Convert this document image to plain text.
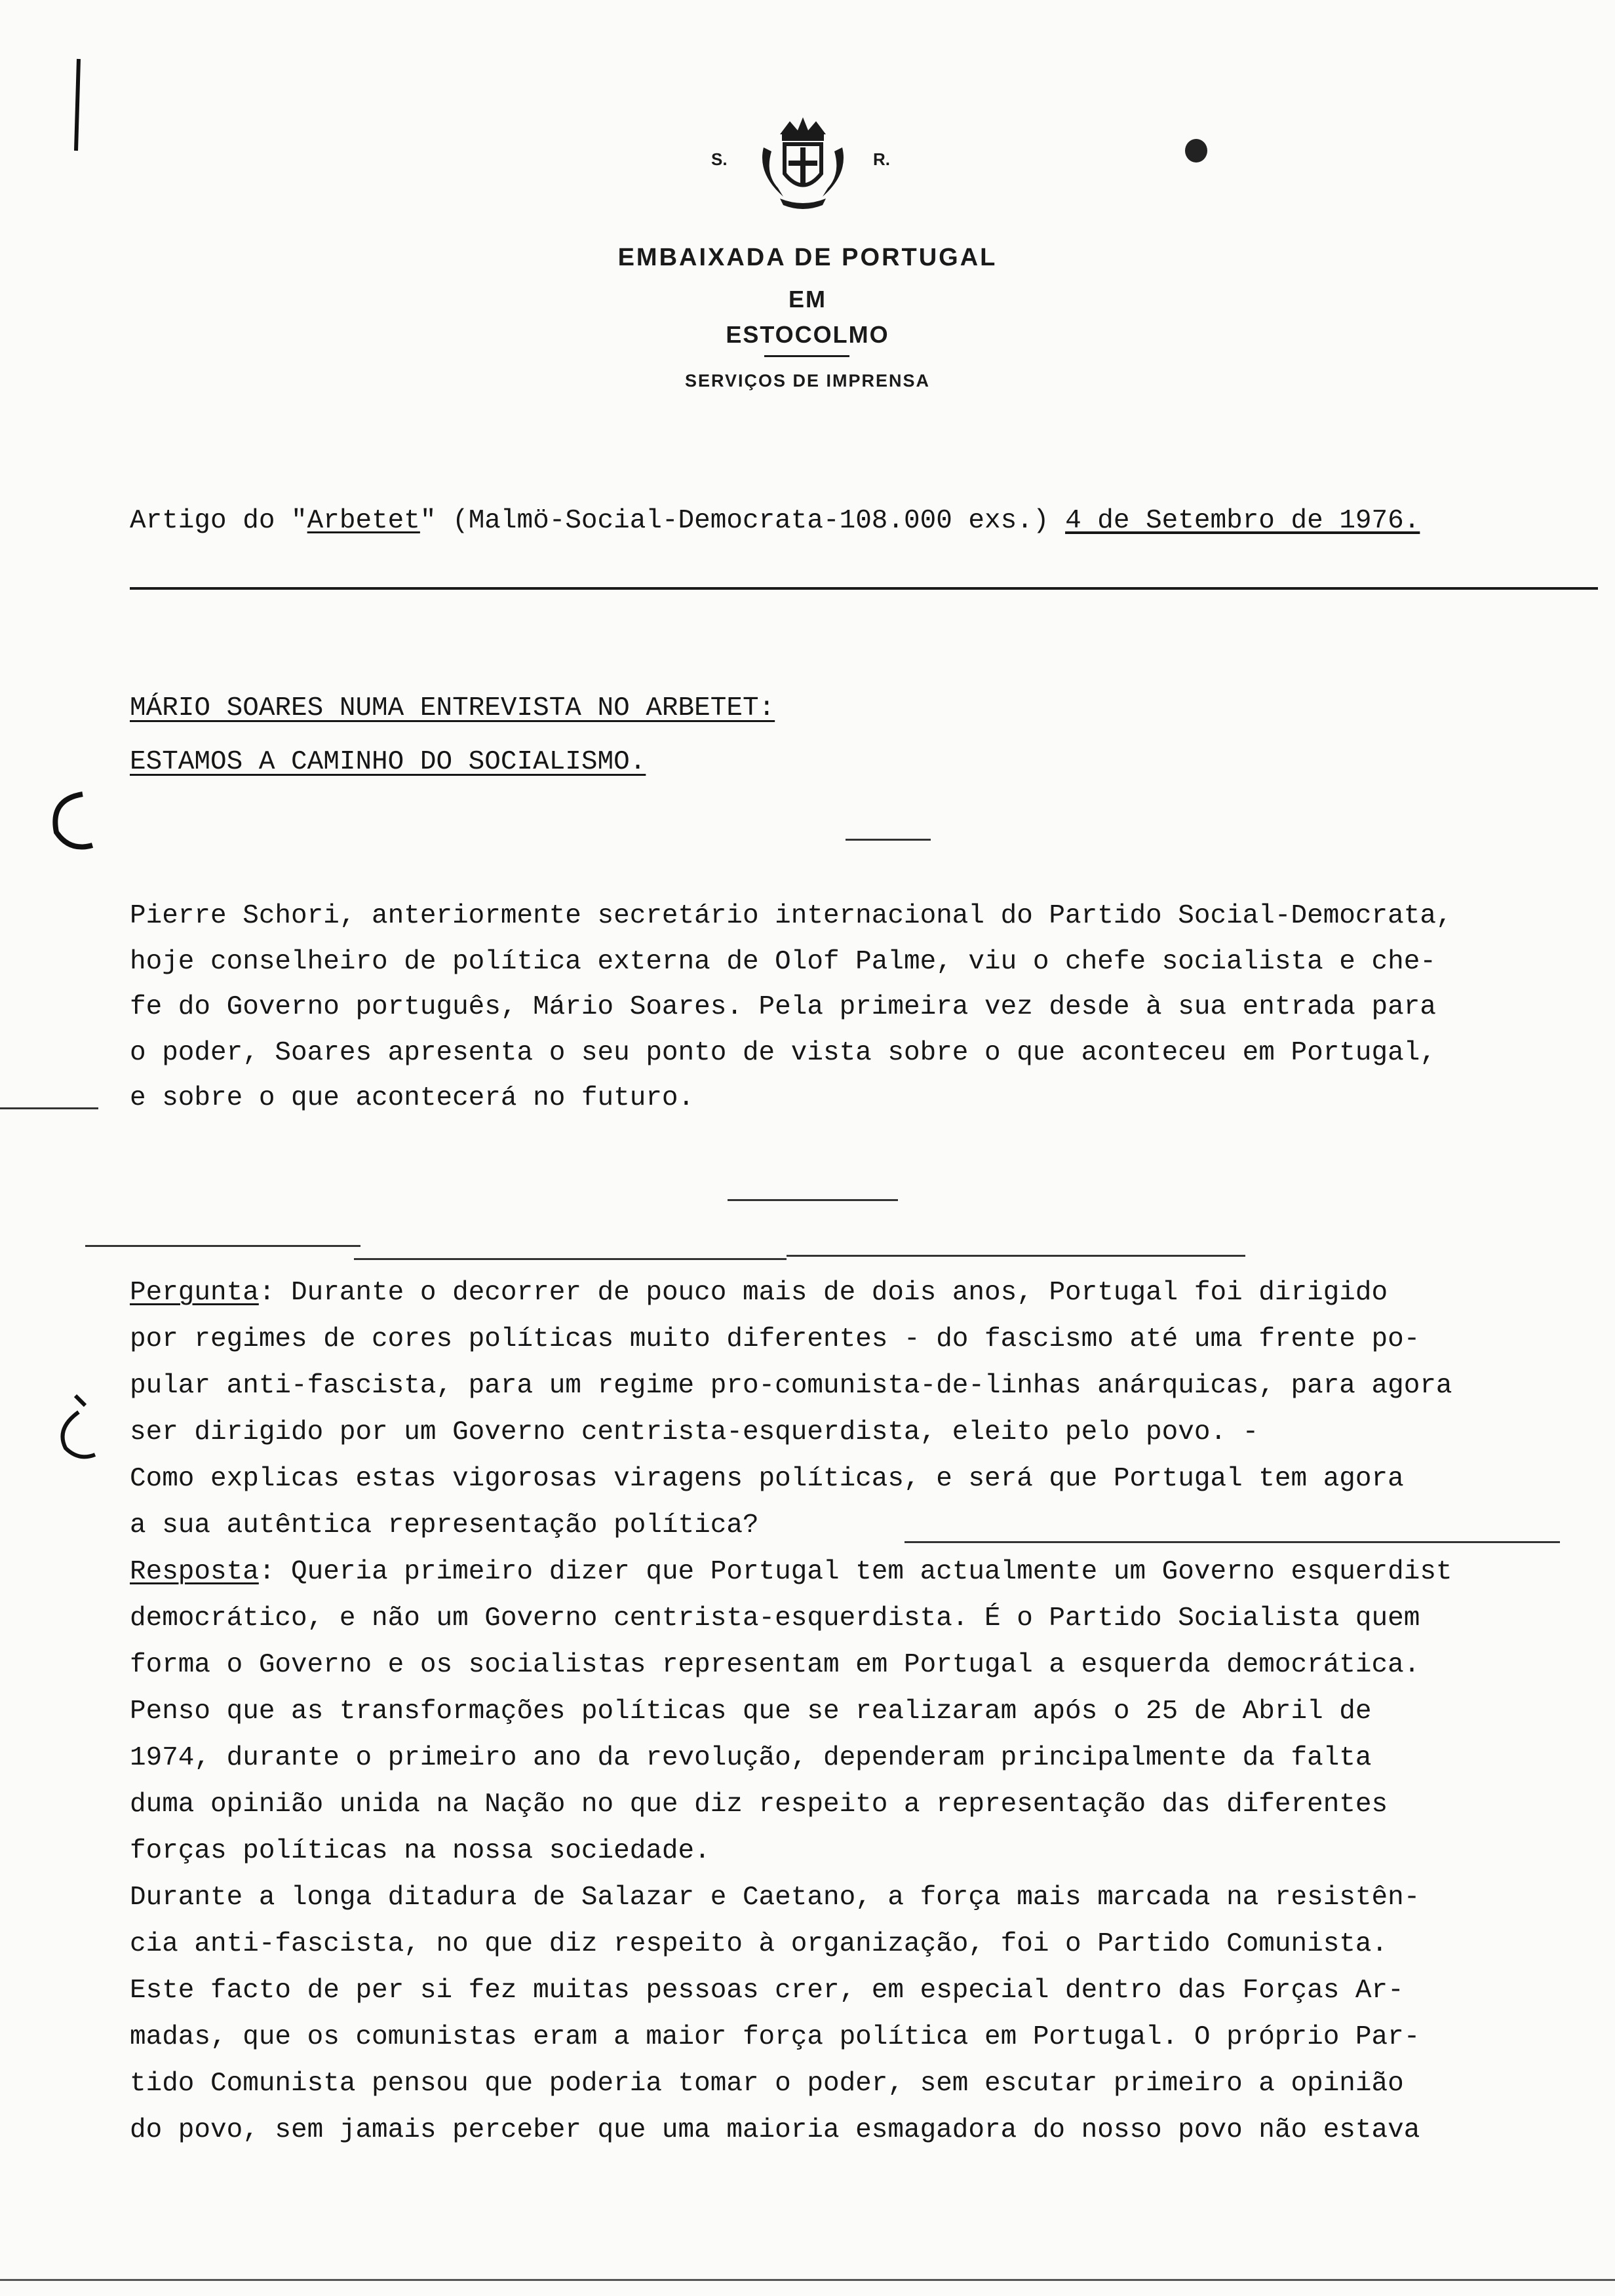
S.	R.
EMBAIXADA DE PORTUGAL
EM
ESTOCOLMO
SERVIÇOS DE IMPRENSA
Artigo do "Arbetet" (Malmö-Social-Democrata-108.000 exs.) 4 de Setembro de 1976.
MÁRIO SOARES NUMA ENTREVISTA NO ARBETET:
ESTAMOS A CAMINHO DO SOCIALISMO.
Pierre Schori, anteriormente secretário internacional do Partido Social-Democrata,
hoje conselheiro de política externa de Olof Palme, viu o chefe socialista e che-
fe do Governo português, Mário Soares. Pela primeira vez desde à sua entrada para
o poder, Soares apresenta o seu ponto de vista sobre o que aconteceu em Portugal,
e sobre o que acontecerá no futuro.
Pergunta: Durante o decorrer de pouco mais de dois anos, Portugal foi dirigido
por regimes de cores políticas muito diferentes - do fascismo até uma frente po-
pular anti-fascista, para um regime pro-comunista-de-linhas anárquicas, para agora
ser dirigido por um Governo centrista-esquerdista, eleito pelo povo. -
Como explicas estas vigorosas viragens políticas, e será que Portugal tem agora
a sua autêntica representação política?
Resposta: Queria primeiro dizer que Portugal tem actualmente um Governo esquerdist
democrático, e não um Governo centrista-esquerdista. É o Partido Socialista quem
forma o Governo e os socialistas representam em Portugal a esquerda democrática.
Penso que as transformações políticas que se realizaram após o 25 de Abril de
1974, durante o primeiro ano da revolução, dependeram principalmente da falta
duma opinião unida na Nação no que diz respeito a representação das diferentes
forças políticas na nossa sociedade.
Durante a longa ditadura de Salazar e Caetano, a força mais marcada na resistên-
cia anti-fascista, no que diz respeito à organização, foi o Partido Comunista.
Este facto de per si fez muitas pessoas crer, em especial dentro das Forças Ar-
madas, que os comunistas eram a maior força política em Portugal. O próprio Par-
tido Comunista pensou que poderia tomar o poder, sem escutar primeiro a opinião
do povo, sem jamais perceber que uma maioria esmagadora do nosso povo não estava
